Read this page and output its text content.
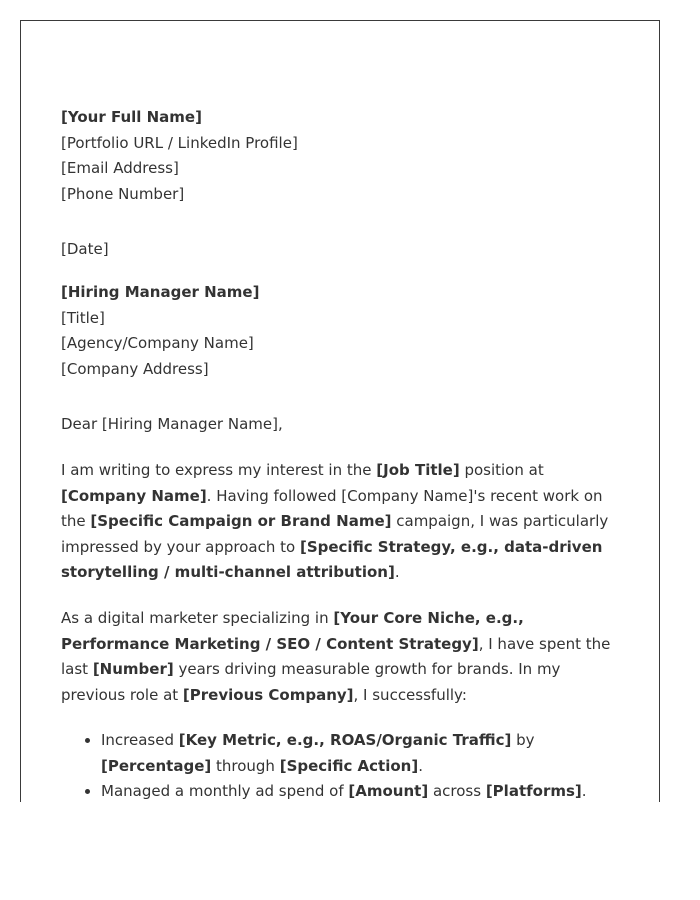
[Your Full Name]
[Portfolio URL / LinkedIn Profile]
[Email Address]
[Phone Number]
[Date]
[Hiring Manager Name]
[Title]
[Agency/Company Name]
[Company Address]
Dear [Hiring Manager Name],

I am writing to express my interest in the [Job Title] position at [Company Name]. Having followed [Company Name]'s recent work on the [Specific Campaign or Brand Name] campaign, I was particularly impressed by your approach to [Specific Strategy, e.g., data-driven storytelling / multi-channel attribution].

As a digital marketer specializing in [Your Core Niche, e.g., Performance Marketing / SEO / Content Strategy], I have spent the last [Number] years driving measurable growth for brands. In my previous role at [Previous Company], I successfully:

• Increased [Key Metric, e.g., ROAS/Organic Traffic] by [Percentage] through [Specific Action].
• Managed a monthly ad spend of [Amount] across [Platforms].
